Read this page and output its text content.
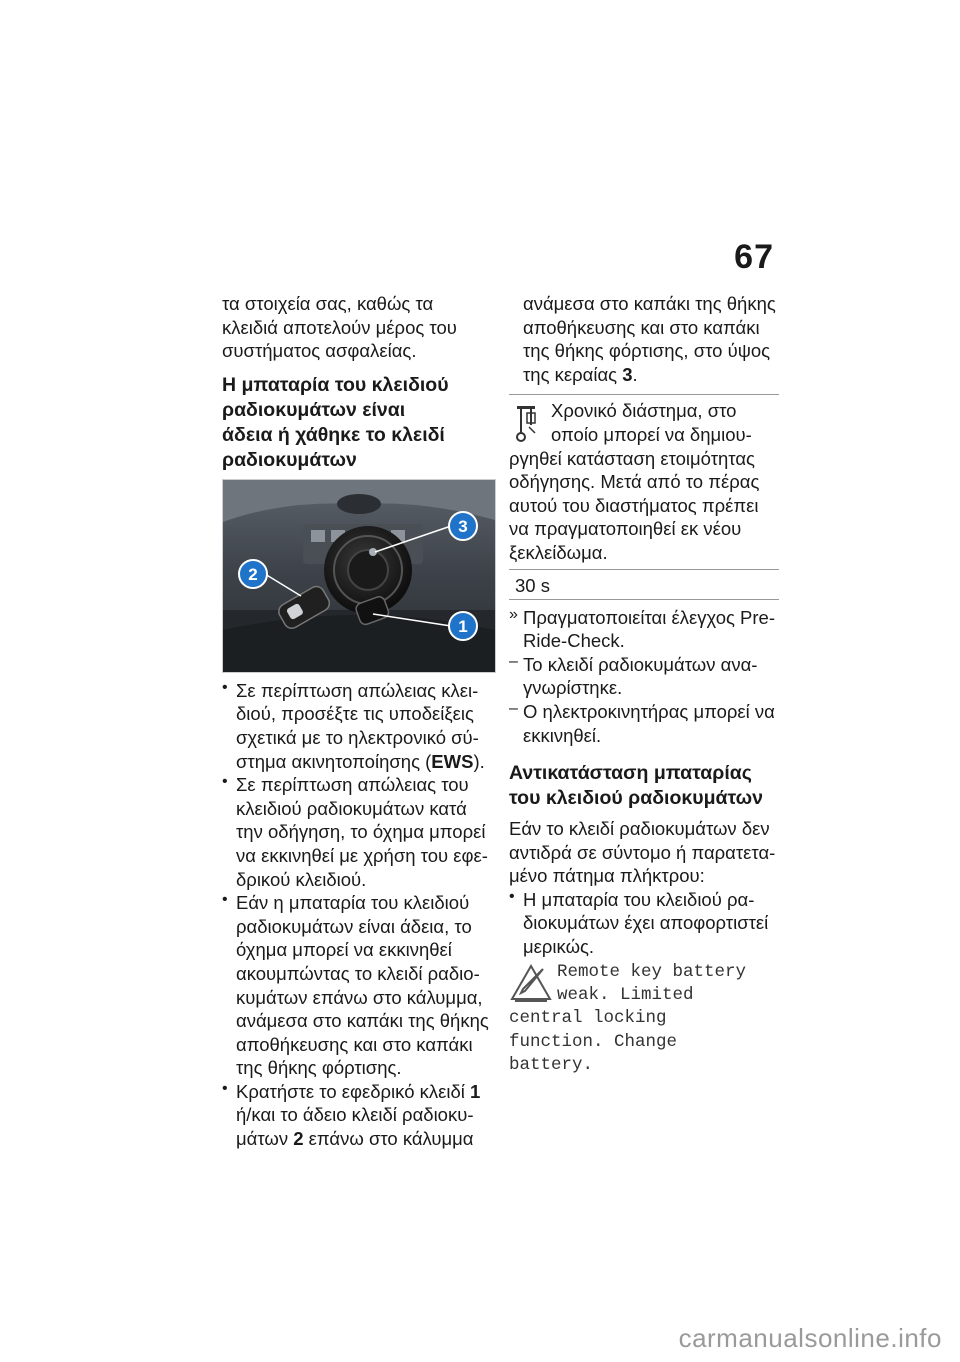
67

τα στοιχεία σας, καθώς τα

κλειδιά αποτελούν μέρος του

συστήματος ασφαλείας.

Η μπαταρία του κλειδιού
ραδιοκυμάτων είναι
άδεια ή χάθηκε το κλειδί
ραδιοκυμάτων
2
3
1
• Σε περίπτωση απώλειας κλει-

διού, προσέξτε τις υποδείξεις

σχετικά με το ηλεκτρονικό σύ-

στημα ακινητοποίησης (EWS).

• Σε περίπτωση απώλειας του

κλειδιού ραδιοκυμάτων κατά

την οδήγηση, το όχημα μπορεί

να εκκινηθεί με χρήση του εφε-

δρικού κλειδιού.

• Εάν η μπαταρία του κλειδιού

ραδιοκυμάτων είναι άδεια, το

όχημα μπορεί να εκκινηθεί

ακουμπώντας το κλειδί ραδιο-

κυμάτων επάνω στο κάλυμμα,

ανάμεσα στο καπάκι της θήκης

αποθήκευσης και στο καπάκι

της θήκης φόρτισης.

• Κρατήστε το εφεδρικό κλειδί 1

ή/και το άδειο κλειδί ραδιοκυ-

μάτων 2 επάνω στο κάλυμμα

ανάμεσα στο καπάκι της θήκης

αποθήκευσης και στο καπάκι

της θήκης φόρτισης, στο ύψος

της κεραίας 3.

Χρονικό διάστημα, στο

οποίο μπορεί να δημιου-

ργηθεί κατάσταση ετοιμότητας

οδήγησης. Μετά από το πέρας

αυτού του διαστήματος πρέπει

να πραγματοποιηθεί εκ νέου

ξεκλείδωμα.

30 s
» Πραγματοποιείται έλεγχος Pre-

Ride-Check.

– Το κλειδί ραδιοκυμάτων ανα-

γνωρίστηκε.

– Ο ηλεκτροκινητήρας μπορεί να

εκκινηθεί.

Αντικατάσταση μπαταρίας
του κλειδιού ραδιοκυμάτων

Εάν το κλειδί ραδιοκυμάτων δεν

αντιδρά σε σύντομο ή παρατετα-

μένο πάτημα πλήκτρου:

• Η μπαταρία του κλειδιού ρα-

διοκυμάτων έχει αποφορτιστεί

μερικώς.

Remote key battery
weak. Limited
central locking
function. Change
battery.
carmanualsonline.info
